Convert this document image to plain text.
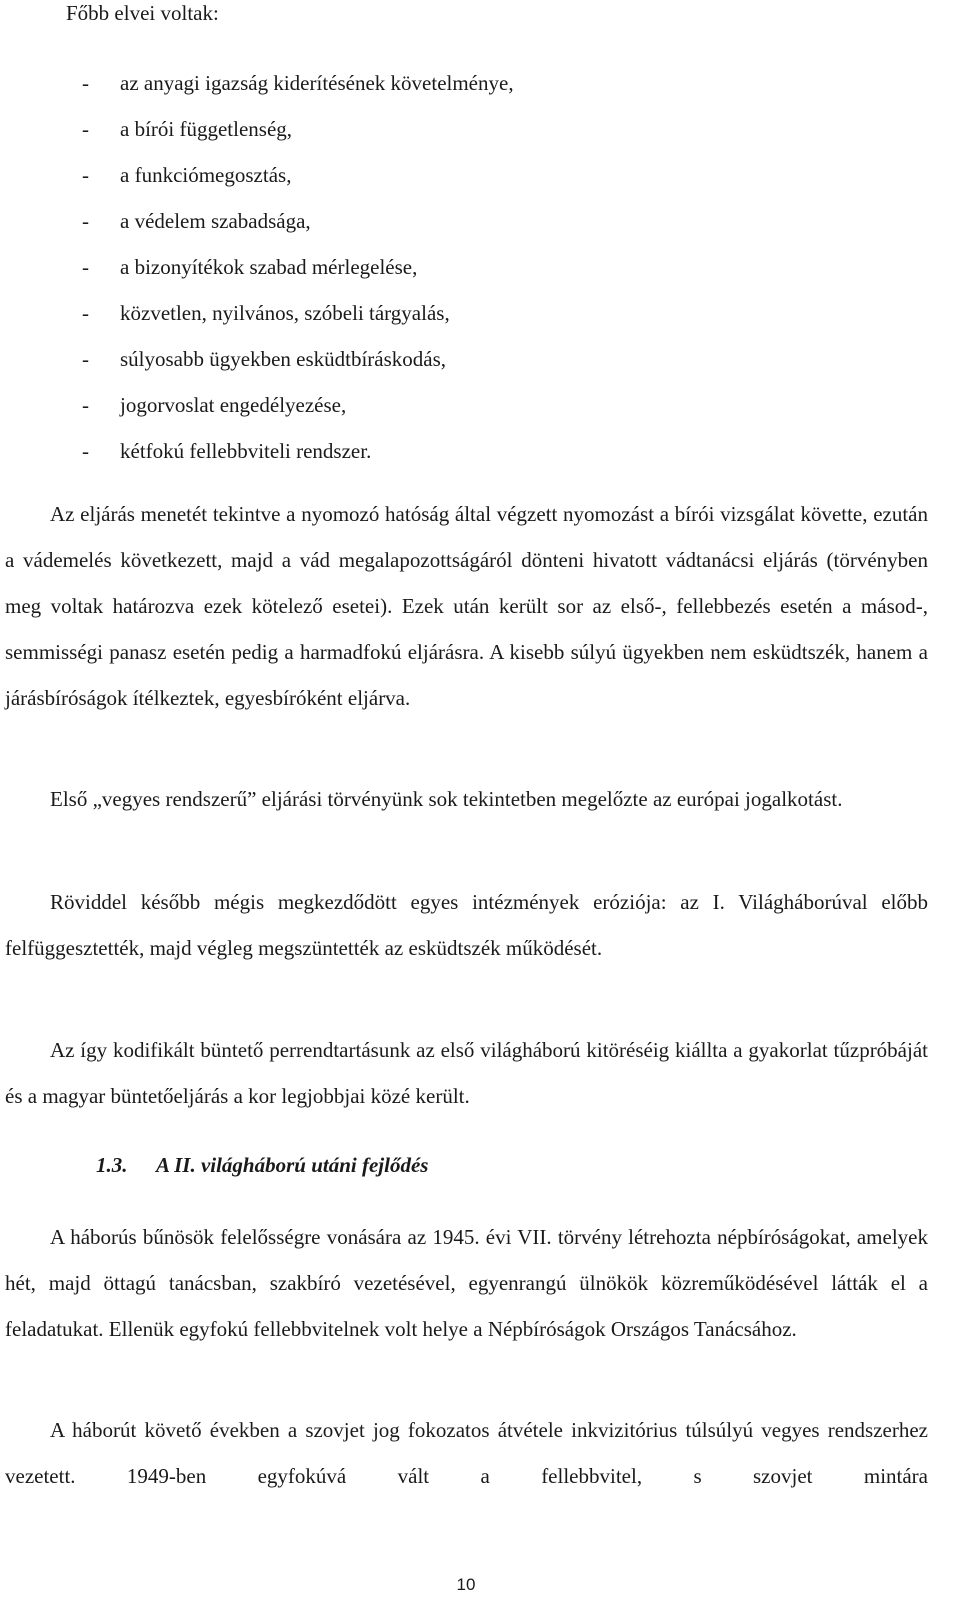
Főbb elvei voltak:

- az anyagi igazság kiderítésének követelménye,
- a bírói függetlenség,
- a funkciómegosztás,
- a védelem szabadsága,
- a bizonyítékok szabad mérlegelése,
- közvetlen, nyilvános, szóbeli tárgyalás,
- súlyosabb ügyekben esküdtbíráskodás,
- jogorvoslat engedélyezése,
- kétfokú fellebbviteli rendszer.

Az eljárás menetét tekintve a nyomozó hatóság által végzett nyomozást a bírói vizsgálat követte, ezután a vádemelés következett, majd a vád megalapozottságáról dönteni hivatott vádtanácsi eljárás (törvényben meg voltak határozva ezek kötelező esetei). Ezek után került sor az első-, fellebbezés esetén a másod-, semmisségi panasz esetén pedig a harmadfokú eljárásra. A kisebb súlyú ügyekben nem esküdtszék, hanem a járásbíróságok ítélkeztek, egyesbíróként eljárva.

Első „vegyes rendszerű” eljárási törvényünk sok tekintetben megelőzte az európai jogalkotást.

Röviddel később mégis megkezdődött egyes intézmények eróziója: az I. Világháborúval előbb felfüggesztették, majd végleg megszüntették az esküdtszék működését.

Az így kodifikált büntető perrendtartásunk az első világháború kitöréséig kiállta a gyakorlat tűzpróbáját és a magyar büntetőeljárás a kor legjobbjai közé került.

1.3. A II. világháború utáni fejlődés

A háborús bűnösök felelősségre vonására az 1945. évi VII. törvény létrehozta népbíróságokat, amelyek hét, majd öttagú tanácsban, szakbíró vezetésével, egyenrangú ülnökök közreműködésével látták el a feladatukat. Ellenük egyfokú fellebbvitelnek volt helye a Népbíróságok Országos Tanácsához.

A háborút követő években a szovjet jog fokozatos átvétele inkvizitórius túlsúlyú vegyes rendszerhez vezetett. 1949-ben egyfokúvá vált a fellebbvitel, s szovjet mintára

10
